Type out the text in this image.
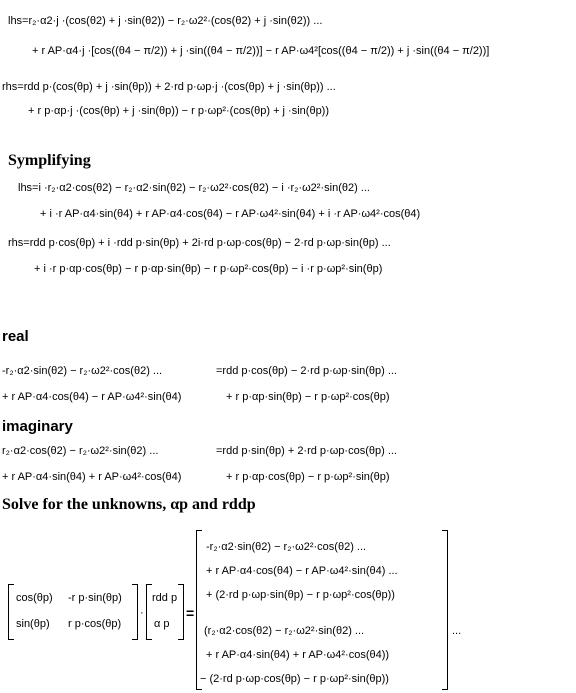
lhs=r₂·α2·j ·(cos(θ2) + j ·sin(θ2)) − r₂·ω2²·(cos(θ2) + j ·sin(θ2)) ...
+ r AP·α4·j ·[cos((θ4 − π/2)) + j ·sin((θ4 − π/2))] − r AP·ω4²[cos((θ4 − π/2)) + j ·sin((θ4 − π/2))]
rhs=rdd p·(cos(θp) + j ·sin(θp)) + 2·rd p·ωp·j ·(cos(θp) + j ·sin(θp)) ...
+ r p·αp·j ·(cos(θp) + j ·sin(θp)) − r p·ωp²·(cos(θp) + j ·sin(θp))
Symplifying
lhs=i ·r₂·α2·cos(θ2) − r₂·α2·sin(θ2) − r₂·ω2²·cos(θ2) − i ·r₂·ω2²·sin(θ2) ...
+ i ·r AP·α4·sin(θ4) + r AP·α4·cos(θ4) − r AP·ω4²·sin(θ4) + i ·r AP·ω4²·cos(θ4)
rhs=rdd p·cos(θp) + i ·rdd p·sin(θp) + 2i·rd p·ωp·cos(θp) − 2·rd p·ωp·sin(θp) ...
+ i ·r p·αp·cos(θp) − r p·αp·sin(θp) − r p·ωp²·cos(θp) − i ·r p·ωp²·sin(θp)
real
-r₂·α2·sin(θ2) − r₂·ω2²·cos(θ2) ...
+ r AP·α4·cos(θ4) − r AP·ω4²·sin(θ4)
=rdd p·cos(θp) − 2·rd p·ωp·sin(θp) ...
+ r p·αp·sin(θp) − r p·ωp²·cos(θp)
imaginary
r₂·α2·cos(θ2) − r₂·ω2²·sin(θ2) ...
+ r AP·α4·sin(θ4) + r AP·ω4²·cos(θ4)
=rdd p·sin(θp) + 2·rd p·ωp·cos(θp) ...
+ r p·αp·cos(θp) − r p·ωp²·sin(θp)
Solve for the unknowns, αp and rddp
cos(θp) -r p·sin(θp)
sin(θp) r p·cos(θp)
·
rdd p
α p
=
-r₂·α2·sin(θ2) − r₂·ω2²·cos(θ2) ...
+ r AP·α4·cos(θ4) − r AP·ω4²·sin(θ4) ...
+ (2·rd p·ωp·sin(θp) − r p·ωp²·cos(θp))
(r₂·α2·cos(θ2) − r₂·ω2²·sin(θ2) ...
+ r AP·α4·sin(θ4) + r AP·ω4²·cos(θ4))
− (2·rd p·ωp·cos(θp) − r p·ωp²·sin(θp))
...
